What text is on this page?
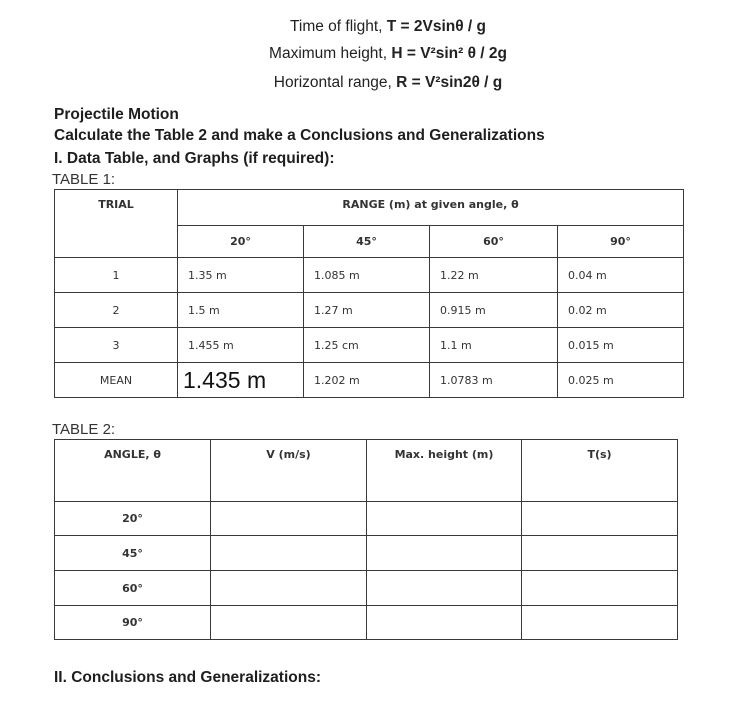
Time of flight, T = 2Vsinθ / g
Maximum height, H = V²sin² θ / 2g
Horizontal range, R = V²sin2θ / g
Projectile Motion
Calculate the Table 2 and make a Conclusions and Generalizations
I. Data Table, and Graphs (if required):
TABLE 1:
TRIAL	RANGE (m) at given angle, θ			
	20°	45°	60°	90°
1	1.35 m	1.085 m	1.22 m	0.04 m
2	1.5 m	1.27 m	0.915 m	0.02 m
3	1.455 m	1.25 cm	1.1 m	0.015 m
MEAN	1.435 m	1.202 m	1.0783 m	0.025 m
TABLE 2:
ANGLE, θ	V (m/s)	Max. height (m)	T(s)
20°			
45°			
60°			
90°			
II. Conclusions and Generalizations:
